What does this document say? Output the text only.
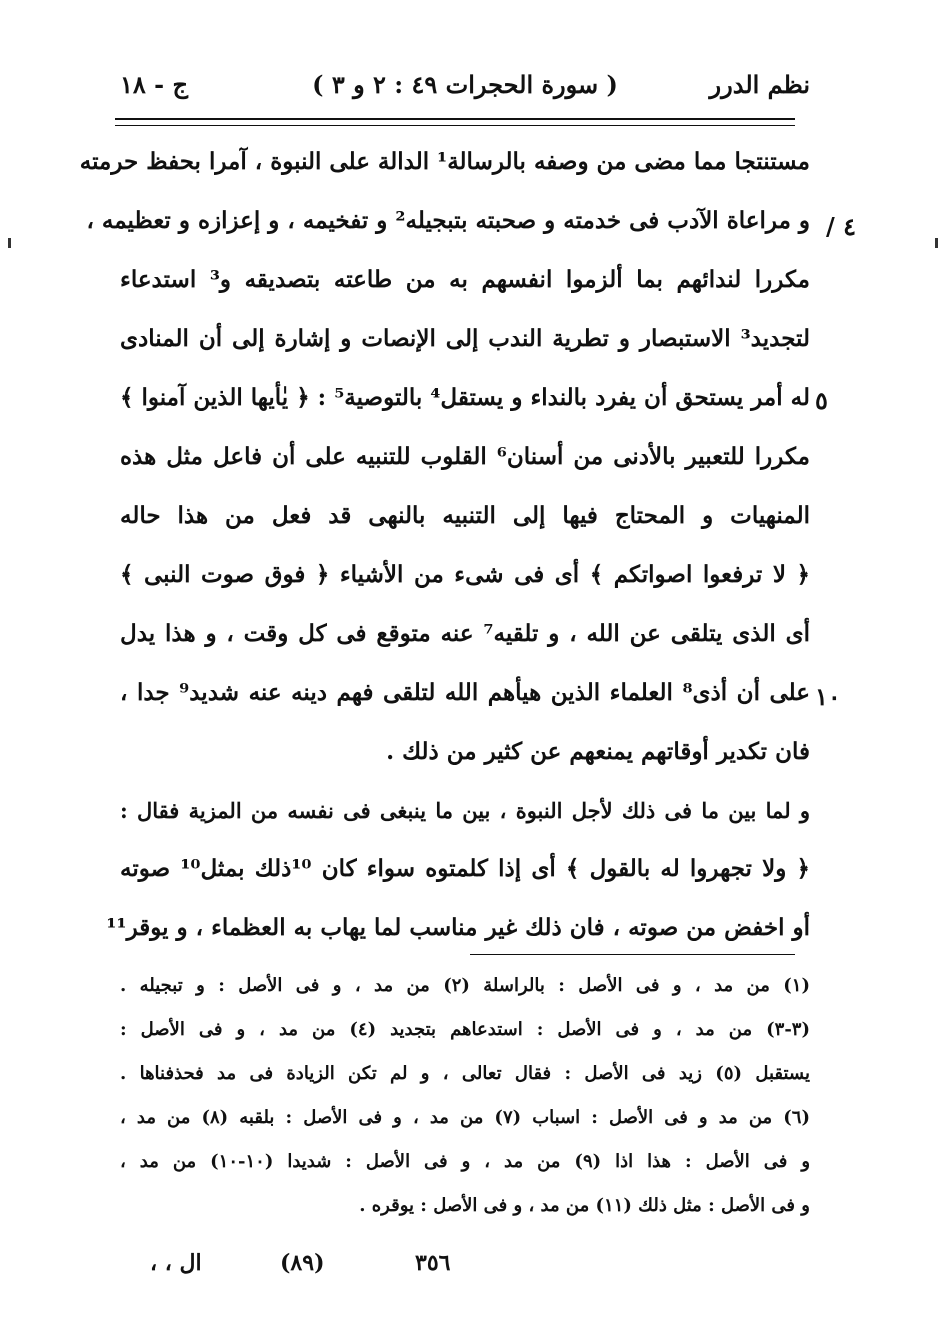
نظم الدرر
( سورة الحجرات ٤٩ : ٢ و ٣ )
ج - ١٨
٤ /
٥
١٠
مستنتجا مما مضى من وصفه بالرسالة¹ الدالة على النبوة ، آمرا بحفظ حرمته
و مراعاة الآدب فى خدمته و صحبته بتبجيله² و تفخيمه ، و إعزازه و تعظيمه ،
مكررا لندائهم بما ألزموا انفسهم به من طاعته بتصديقه و³ استدعاء
لتجديد³ الاستبصار و تطرية الندب إلى الإنصات و إشارة إلى أن المنادى
له أمر يستحق أن يفرد بالنداء و يستقل⁴ بالتوصية⁵ : ﴿ يٰأيها الذين آمنوا ﴾
مكررا للتعبير بالأدنى من أسنان⁶ القلوب للتنبيه على أن فاعل مثل هذه
المنهيات و المحتاج فيها إلى التنبيه بالنهى قد فعل من هذا حاله
﴿ لا ترفعوا اصواتكم ﴾ أى فى شىء من الأشياء ﴿ فوق صوت النبى ﴾
أى الذى يتلقى عن الله ، و تلقيه⁷ عنه متوقع فى كل وقت ، و هذا يدل
على أن أذى⁸ العلماء الذين هيأهم الله لتلقى فهم دينه عنه شديد⁹ جدا ،
فان تكدير أوقاتهم يمنعهم عن كثير من ذلك .
و لما بين ما فى ذلك لأجل النبوة ، بين ما ينبغى فى نفسه من المزية فقال :
﴿ ولا تجهروا له بالقول ﴾ أى إذا كلمتوه سواء كان ¹⁰ذلك بمثل¹⁰ صوته
أو اخفض من صوته ، فان ذلك غير مناسب لما يهاب به العظماء ، و يوقر¹¹
(١) من مد ، و فى الأصل : بالراسلة (٢) من مد ، و فى الأصل : و تبجيله .
(٣-٣) من مد ، و فى الأصل : استدعاهم بتجديد (٤) من مد ، و فى الأصل :
يستقبل (٥) زيد فى الأصل : فقال تعالى ، و لم تكن الزيادة فى مد فحذفناها .
(٦) من مد و فى الأصل : اسباب (٧) من مد ، و فى الأصل : بلقبه (٨) من مد ،
و فى الأصل : هذا اذا (٩) من مد ، و فى الأصل : شديدا (١٠-١٠) من مد ،
و فى الأصل : مثل ذلك (١١) من مد ، و فى الأصل : يوقره .
ال ، ،	(٨٩)	٣٥٦
